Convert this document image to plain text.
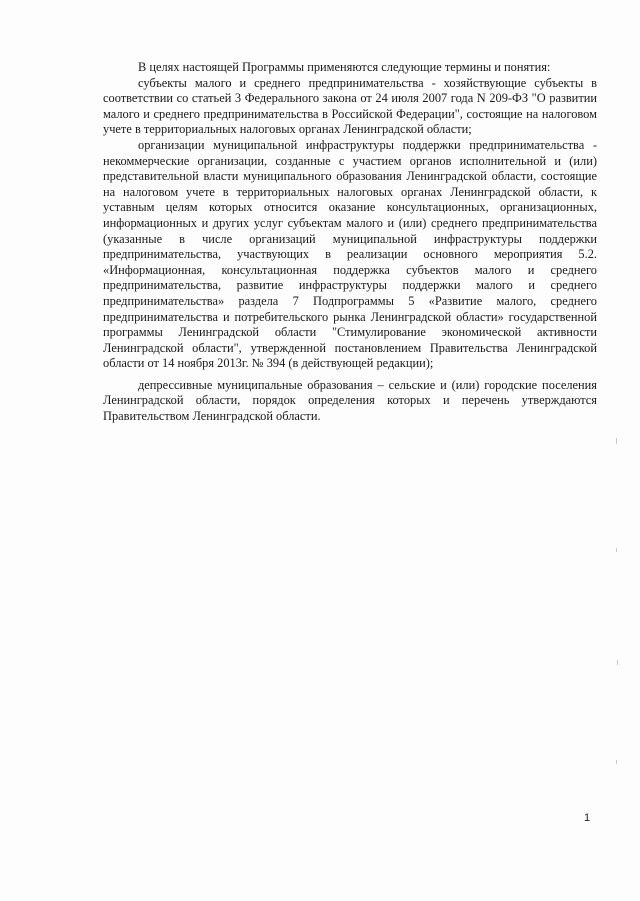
В целях настоящей Программы применяются следующие термины и понятия:

субъекты малого и среднего предпринимательства - хозяйствующие субъекты в соответствии со статьей 3 Федерального закона от 24 июля 2007 года N 209-ФЗ "О развитии малого и среднего предпринимательства в Российской Федерации", состоящие на налоговом учете в территориальных налоговых органах Ленинградской области;

организации муниципальной инфраструктуры поддержки предпринимательства - некоммерческие организации, созданные с участием органов исполнительной и (или) представительной власти муниципального образования Ленинградской области, состоящие на налоговом учете в территориальных налоговых органах Ленинградской области, к уставным целям которых относится оказание консультационных, организационных, информационных и других услуг субъектам малого и (или) среднего предпринимательства (указанные в числе организаций муниципальной инфраструктуры поддержки предпринимательства, участвующих в реализации основного мероприятия 5.2. «Информационная, консультационная поддержка субъектов малого и среднего предпринимательства, развитие инфраструктуры поддержки малого и среднего предпринимательства» раздела 7 Подпрограммы 5 «Развитие малого, среднего предпринимательства и потребительского рынка Ленинградской области» государственной программы Ленинградской области "Стимулирование экономической активности Ленинградской области", утвержденной постановлением Правительства Ленинградской области от 14 ноября 2013г. № 394 (в действующей редакции);

депрессивные муниципальные образования – сельские и (или) городские поселения Ленинградской области, порядок определения которых и перечень утверждаются Правительством Ленинградской области.

1
